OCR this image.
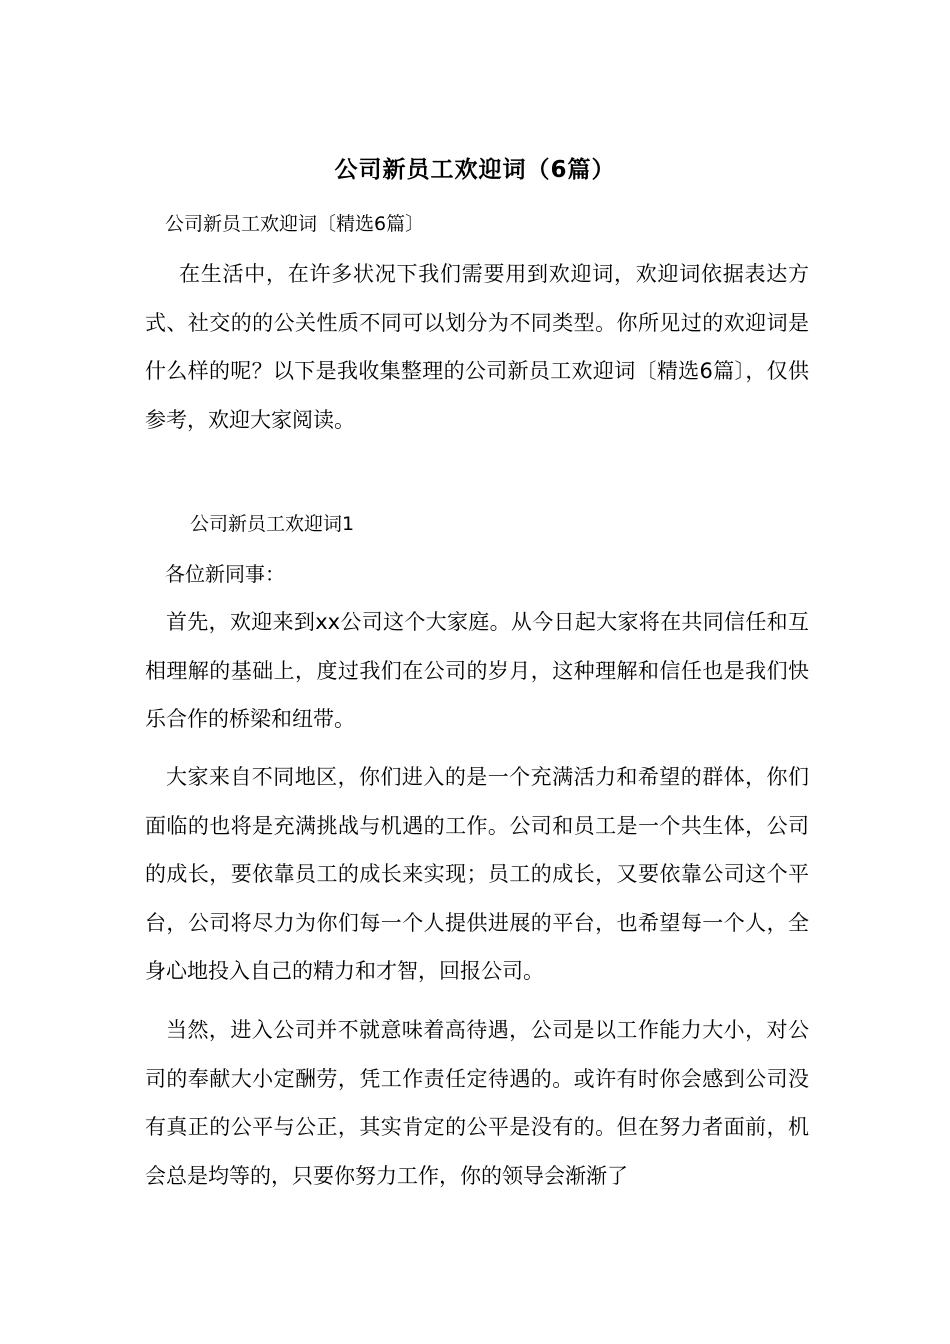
公司新员工欢迎词（6篇）
公司新员工欢迎词〔精选6篇〕

在生活中，在许多状况下我们需要用到欢迎词，欢迎词依据表达方式、社交的的公关性质不同可以划分为不同类型。你所见过的欢迎词是什么样的呢？以下是我收集整理的公司新员工欢迎词〔精选6篇〕，仅供参考，欢迎大家阅读。

公司新员工欢迎词1
各位新同事：

首先，欢迎来到xx公司这个大家庭。从今日起大家将在共同信任和互相理解的基础上，度过我们在公司的岁月，这种理解和信任也是我们快乐合作的桥梁和纽带。

大家来自不同地区，你们进入的是一个充满活力和希望的群体，你们面临的也将是充满挑战与机遇的工作。公司和员工是一个共生体，公司的成长，要依靠员工的成长来实现；员工的成长，又要依靠公司这个平台，公司将尽力为你们每一个人提供进展的平台，也希望每一个人，全身心地投入自己的精力和才智，回报公司。

当然，进入公司并不就意味着高待遇，公司是以工作能力大小，对公司的奉献大小定酬劳，凭工作责任定待遇的。或许有时你会感到公司没有真正的公平与公正，其实肯定的公平是没有的。但在努力者面前，机会总是均等的，只要你努力工作，你的领导会渐渐了
